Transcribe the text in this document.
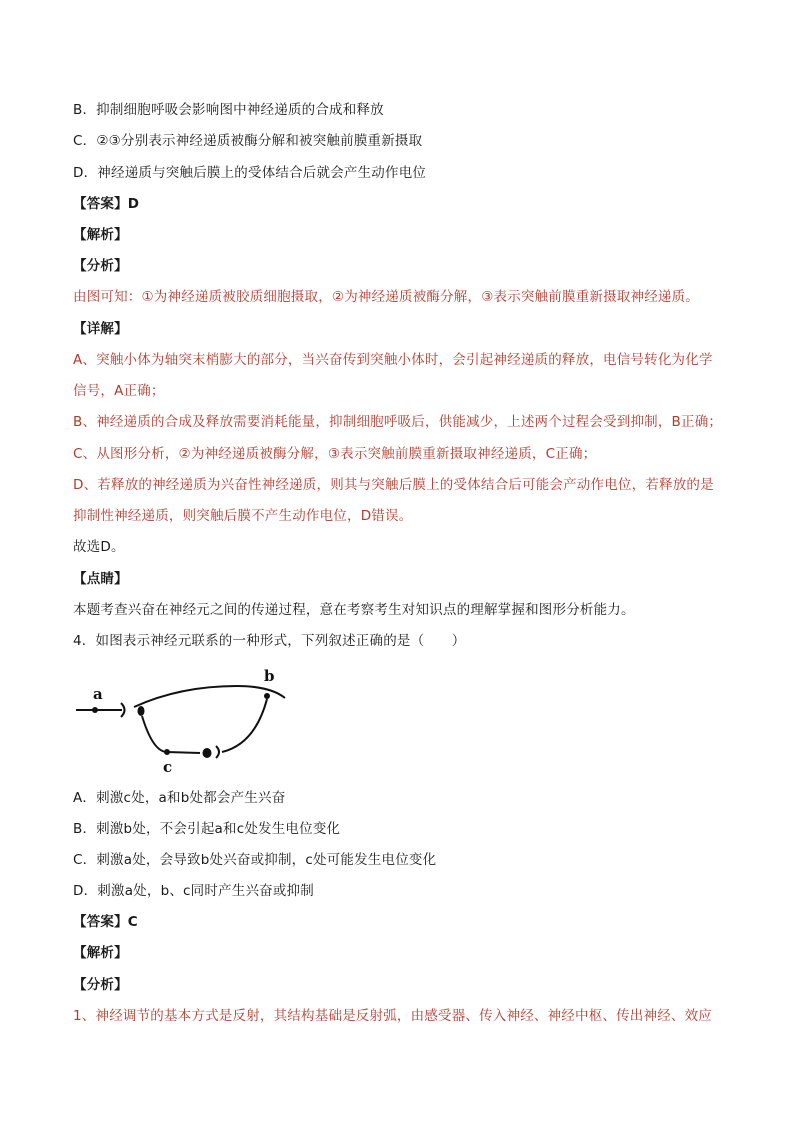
B．抑制细胞呼吸会影响图中神经递质的合成和释放
C．②③分别表示神经递质被酶分解和被突触前膜重新摄取
D．神经递质与突触后膜上的受体结合后就会产生动作电位
【答案】D
【解析】
【分析】
由图可知：①为神经递质被胶质细胞摄取，②为神经递质被酶分解，③表示突触前膜重新摄取神经递质。
【详解】
A、突触小体为轴突末梢膨大的部分，当兴奋传到突触小体时，会引起神经递质的释放，电信号转化为化学
信号，A正确；
B、神经递质的合成及释放需要消耗能量，抑制细胞呼吸后，供能减少，上述两个过程会受到抑制，B正确；
C、从图形分析，②为神经递质被酶分解，③表示突触前膜重新摄取神经递质，C正确；
D、若释放的神经递质为兴奋性神经递质，则其与突触后膜上的受体结合后可能会产动作电位，若释放的是
抑制性神经递质，则突触后膜不产生动作电位，D错误。
故选D。
【点睛】
本题考查兴奋在神经元之间的传递过程，意在考察考生对知识点的理解掌握和图形分析能力。
4．如图表示神经元联系的一种形式，下列叙述正确的是（　　）
a
c
b
A．刺激c处，a和b处都会产生兴奋
B．刺激b处，不会引起a和c处发生电位变化
C．刺激a处，会导致b处兴奋或抑制，c处可能发生电位变化
D．刺激a处，b、c同时产生兴奋或抑制
【答案】C
【解析】
【分析】
1、神经调节的基本方式是反射，其结构基础是反射弧，由感受器、传入神经、神经中枢、传出神经、效应
